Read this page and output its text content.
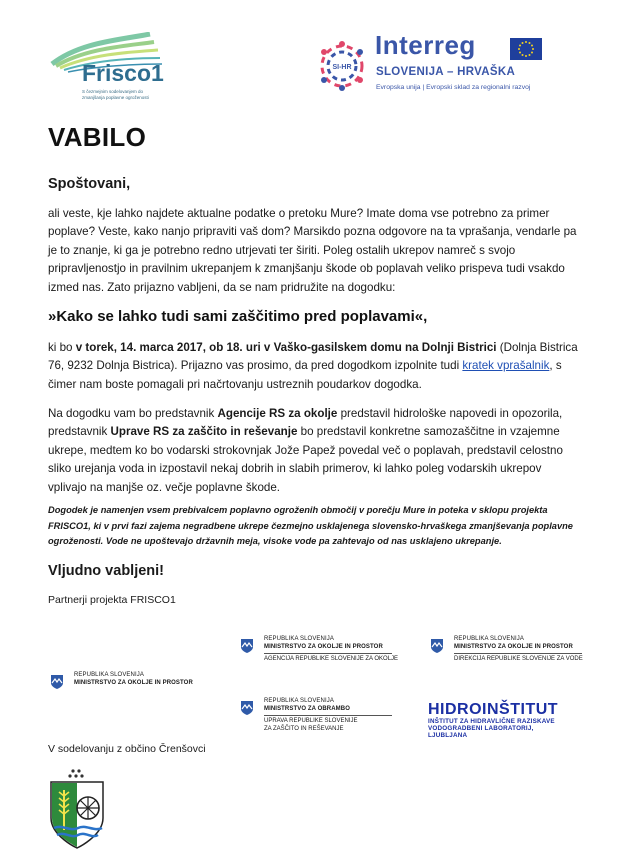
Frisco1
S čezmejnim sodelovanjem do
zmanjšanja poplavne ogroženosti
SI-HR
Interreg
SLOVENIJA – HRVAŠKA
Evropska unija | Evropski sklad za regionalni razvoj
VABILO
Spoštovani,
ali veste, kje lahko najdete aktualne podatke o pretoku Mure? Imate doma vse potrebno za primer poplave? Veste, kako nanjo pripraviti vaš dom? Marsikdo pozna odgovore na ta vprašanja, vendarle pa je to znanje, ki ga je potrebno redno utrjevati ter širiti. Poleg ostalih ukrepov namreč s svojo pripravljenostjo in pravilnim ukrepanjem k zmanjšanju škode ob poplavah veliko prispeva tudi vsakdo izmed nas. Zato prijazno vabljeni, da se nam pridružite na dogodku:
»Kako se lahko tudi sami zaščitimo pred poplavami«,
ki bo v torek, 14. marca 2017, ob 18. uri v Vaško-gasilskem domu na Dolnji Bistrici (Dolnja Bistrica 76, 9232 Dolnja Bistrica). Prijazno vas prosimo, da pred dogodkom izpolnite tudi kratek vprašalnik, s čimer nam boste pomagali pri načrtovanju ustreznih poudarkov dogodka.
Na dogodku vam bo predstavnik Agencije RS za okolje predstavil hidrološke napovedi in opozorila, predstavnik Uprave RS za zaščito in reševanje bo predstavil konkretne samozaščitne in vzajemne ukrepe, medtem ko bo vodarski strokovnjak Jože Papež povedal več o poplavah, predstavil celostno sliko urejanja voda in izpostavil nekaj dobrih in slabih primerov, ki lahko poleg vodarskih ukrepov vplivajo na manjše oz. večje poplavne škode.
Dogodek je namenjen vsem prebivalcem poplavno ogroženih območij v porečju Mure in poteka v sklopu projekta FRISCO1, ki v prvi fazi zajema negradbene ukrepe čezmejno usklajenega slovensko-hrvaškega zmanjševanja poplavne ogroženosti. Vode ne upoštevajo državnih meja, visoke vode pa zahtevajo od nas usklajeno ukrepanje.
Vljudno vabljeni!
Partnerji projekta FRISCO1
REPUBLIKA SLOVENIJA
MINISTRSTVO ZA OKOLJE IN PROSTOR
AGENCIJA REPUBLIKE SLOVENIJE ZA OKOLJE
REPUBLIKA SLOVENIJA
MINISTRSTVO ZA OKOLJE IN PROSTOR
DIREKCIJA REPUBLIKE SLOVENIJE ZA VODE
REPUBLIKA SLOVENIJA
MINISTRSTVO ZA OKOLJE IN PROSTOR
REPUBLIKA SLOVENIJA
MINISTRSTVO ZA OBRAMBO
UPRAVA REPUBLIKE SLOVENIJE
ZA ZAŠČITO IN REŠEVANJE
HIDROINŠTITUT
INŠTITUT ZA HIDRAVLIČNE RAZISKAVE
VODOGRADBENI LABORATORIJ, LJUBLJANA
V sodelovanju z občino Črenšovci
